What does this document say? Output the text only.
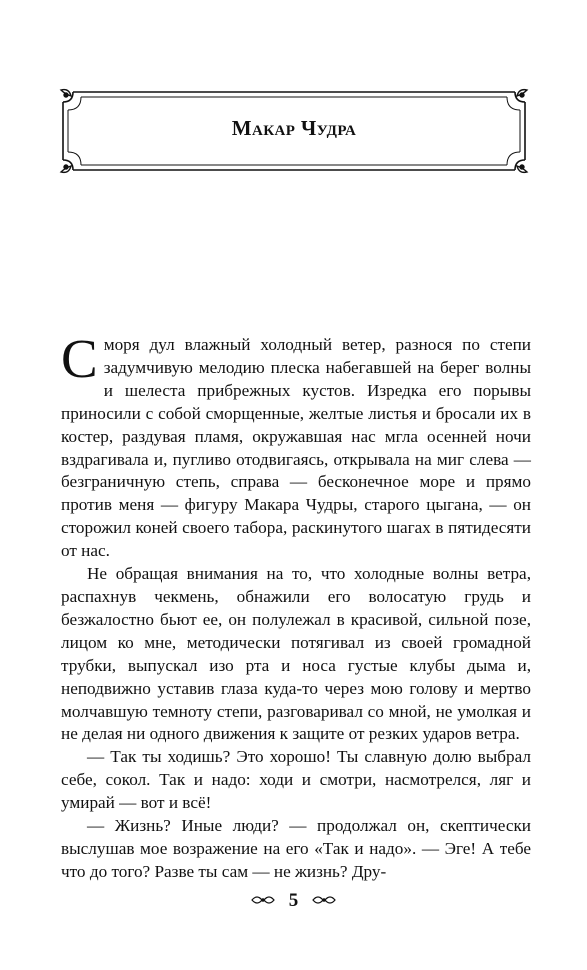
Макар Чудра

Сморя дул влажный холодный ветер, разнося по степи задумчивую мелодию плеска набегавшей на берег волны и шелеста прибрежных кустов. Изредка его порывы приносили с собой сморщенные, желтые листья и бросали их в костер, раздувая пламя, окружавшая нас мгла осенней ночи вздрагивала и, пугливо отодвигаясь, открывала на миг слева — безграничную степь, справа — бесконечное море и прямо против меня — фигуру Макара Чудры, старого цыгана, — он сторожил коней своего табора, раскинутого шагах в пятидесяти от нас.

Не обращая внимания на то, что холодные волны ветра, распахнув чекмень, обнажили его волосатую грудь и безжалостно бьют ее, он полулежал в красивой, сильной позе, лицом ко мне, методически потягивал из своей громадной трубки, выпускал изо рта и носа густые клубы дыма и, неподвижно уставив глаза куда-то через мою голову и мертво молчавшую темноту степи, разговаривал со мной, не умолкая и не делая ни одного движения к защите от резких ударов ветра.

— Так ты ходишь? Это хорошо! Ты славную долю выбрал себе, сокол. Так и надо: ходи и смотри, насмотрелся, ляг и умирай — вот и всё!

— Жизнь? Иные люди? — продолжал он, скептически выслушав мое возражение на его «Так и надо». — Эге! А тебе что до того? Разве ты сам — не жизнь? Дру-

5
